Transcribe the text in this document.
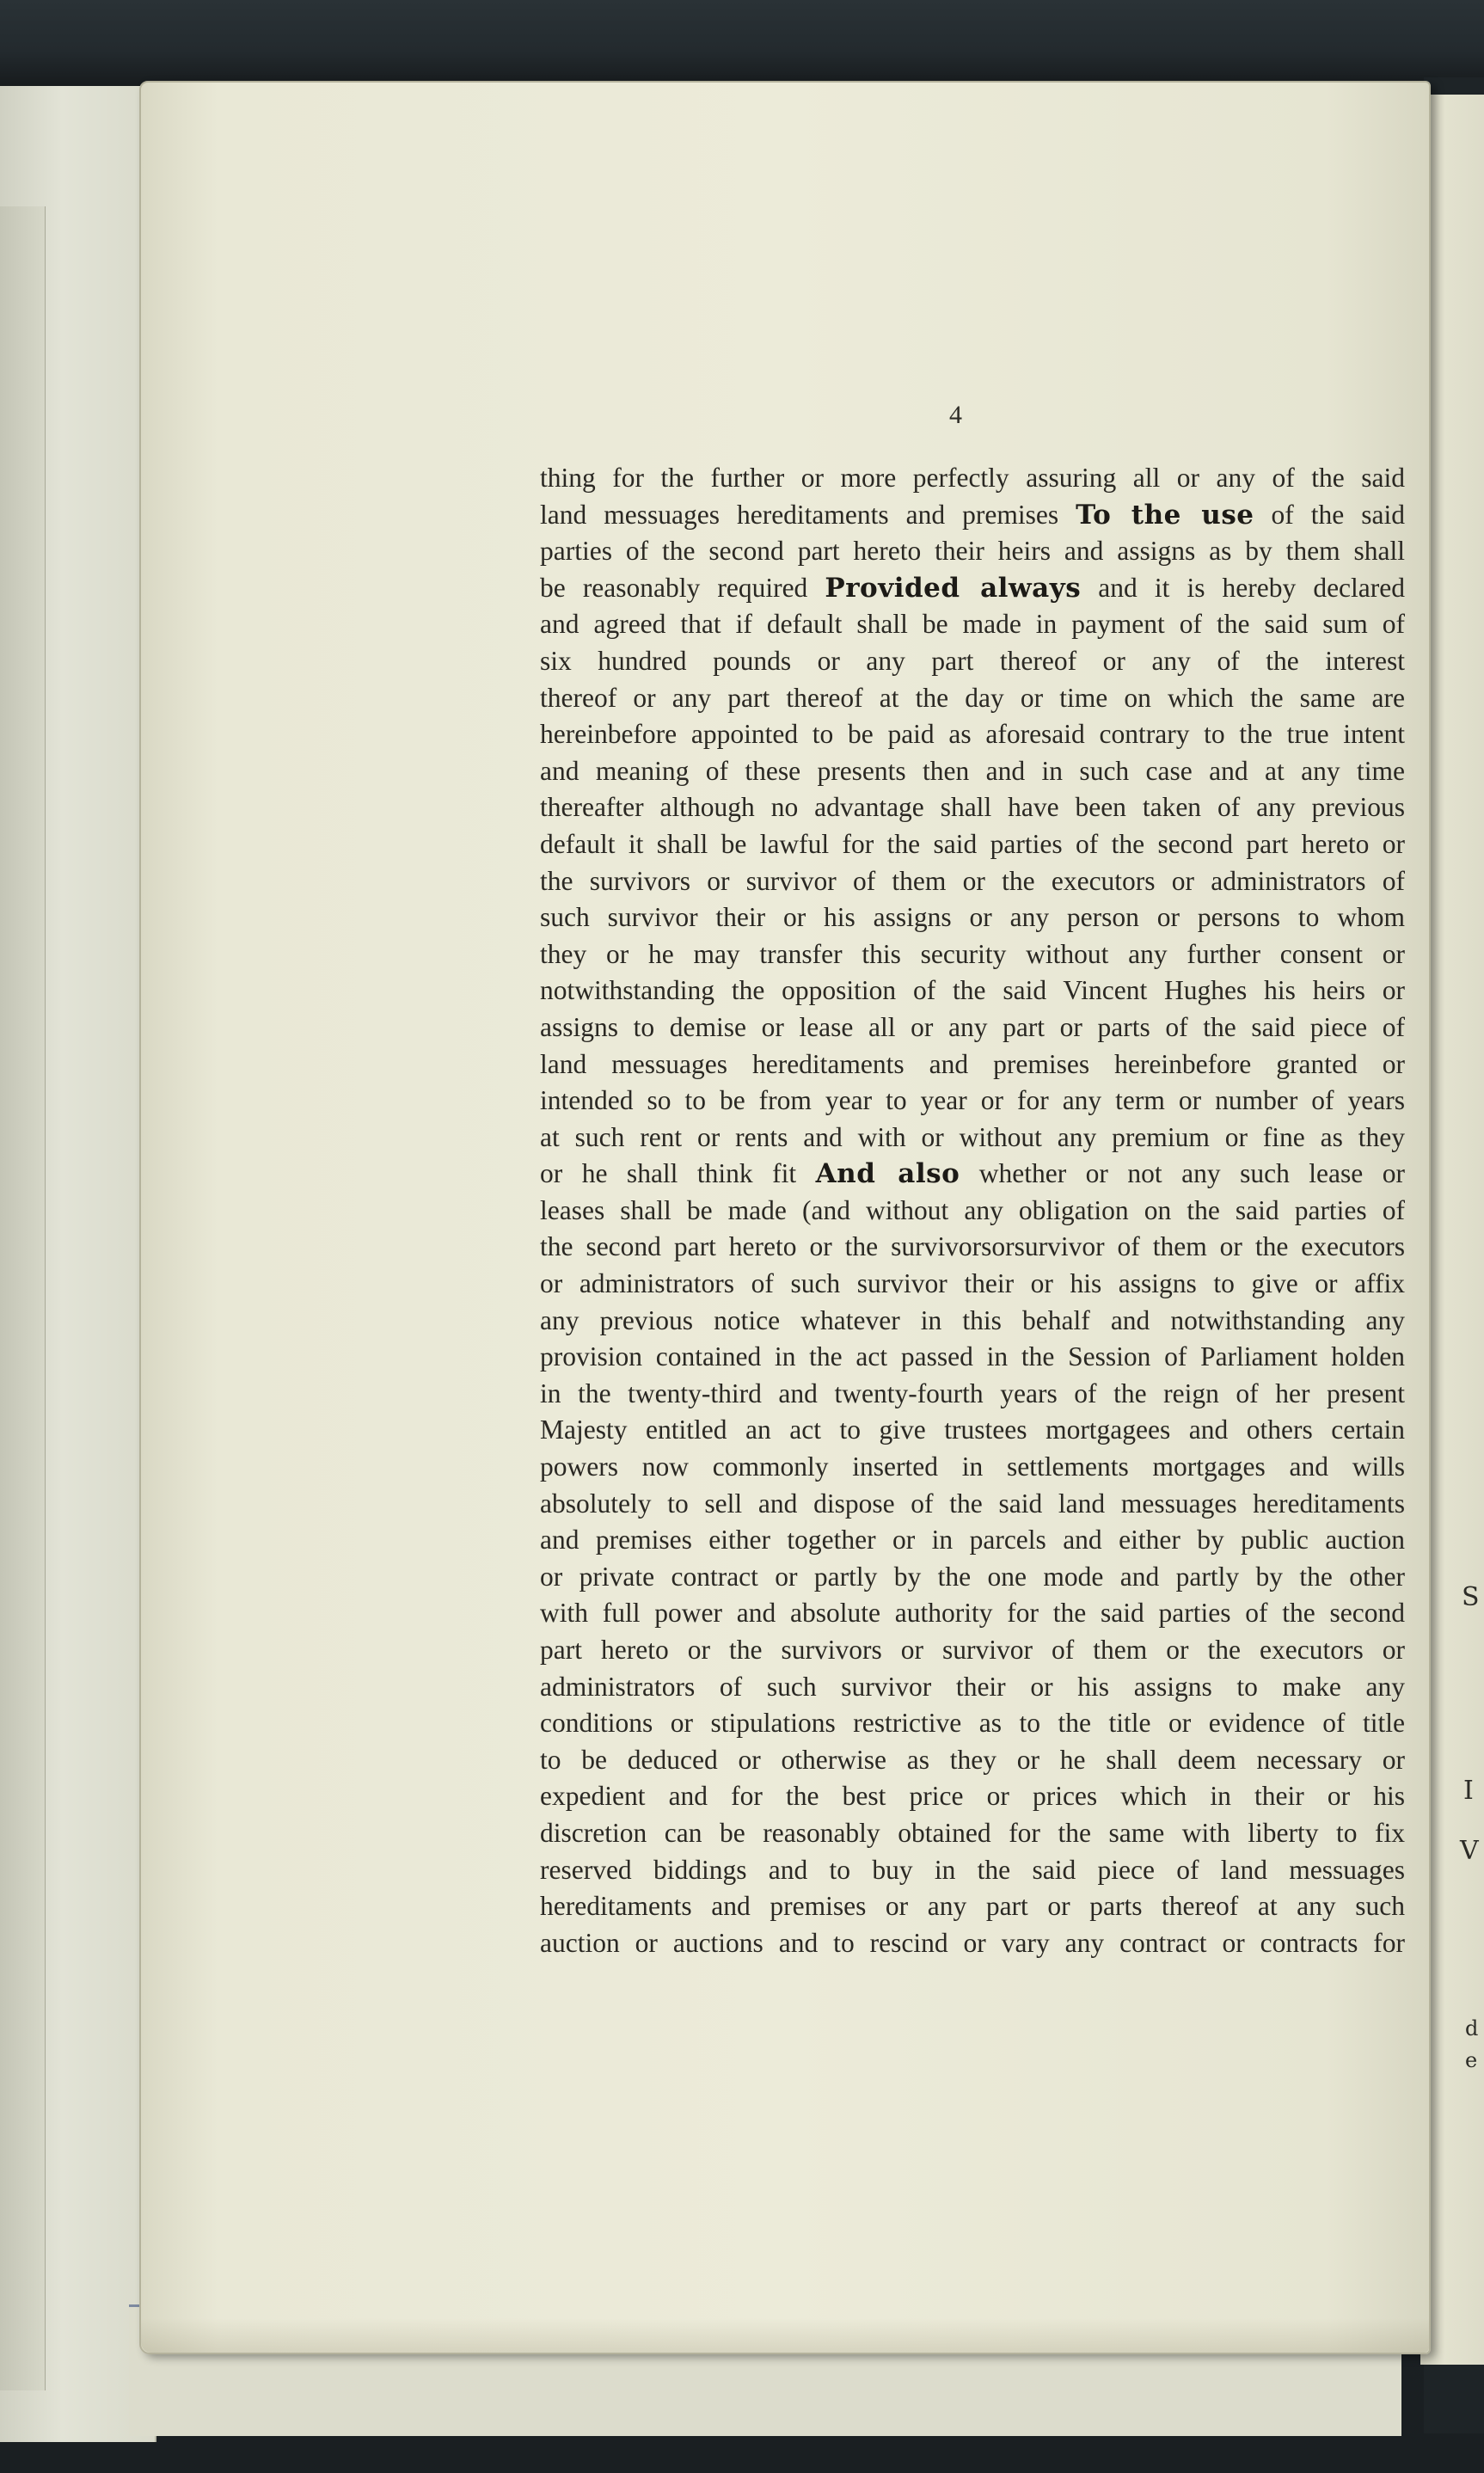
S
I
V
d
e
4
thing for the further or more perfectly assuring all or any of the said
land messuages hereditaments and premises To the use of the said
parties of the second part hereto their heirs and assigns as by them shall
be reasonably required Provided always and it is hereby declared
and agreed that if default shall be made in payment of the said sum of
six hundred pounds or any part thereof or any of the interest
thereof or any part thereof at the day or time on which the same are
hereinbefore appointed to be paid as aforesaid contrary to the true intent
and meaning of these presents then and in such case and at any time
thereafter although no advantage shall have been taken of any previous
default it shall be lawful for the said parties of the second part hereto or
the survivors or survivor of them or the executors or administrators of
such survivor their or his assigns or any person or persons to whom
they or he may transfer this security without any further consent or
notwithstanding the opposition of the said Vincent Hughes his heirs or
assigns to demise or lease all or any part or parts of the said piece of
land messuages hereditaments and premises hereinbefore granted or
intended so to be from year to year or for any term or number of years
at such rent or rents and with or without any premium or fine as they
or he shall think fit And also whether or not any such lease or
leases shall be made (and without any obligation on the said parties of
the second part hereto or the survivorsorsurvivor of them or the executors
or administrators of such survivor their or his assigns to give or affix
any previous notice whatever in this behalf and notwithstanding any
provision contained in the act passed in the Session of Parliament holden
in the twenty-third and twenty-fourth years of the reign of her present
Majesty entitled an act to give trustees mortgagees and others certain
powers now commonly inserted in settlements mortgages and wills
absolutely to sell and dispose of the said land messuages hereditaments
and premises either together or in parcels and either by public auction
or private contract or partly by the one mode and partly by the other
with full power and absolute authority for the said parties of the second
part hereto or the survivors or survivor of them or the executors or
administrators of such survivor their or his assigns to make any
conditions or stipulations restrictive as to the title or evidence of title
to be deduced or otherwise as they or he shall deem necessary or
expedient and for the best price or prices which in their or his
discretion can be reasonably obtained for the same with liberty to fix
reserved biddings and to buy in the said piece of land messuages
hereditaments and premises or any part or parts thereof at any such
auction or auctions and to rescind or vary any contract or contracts for
